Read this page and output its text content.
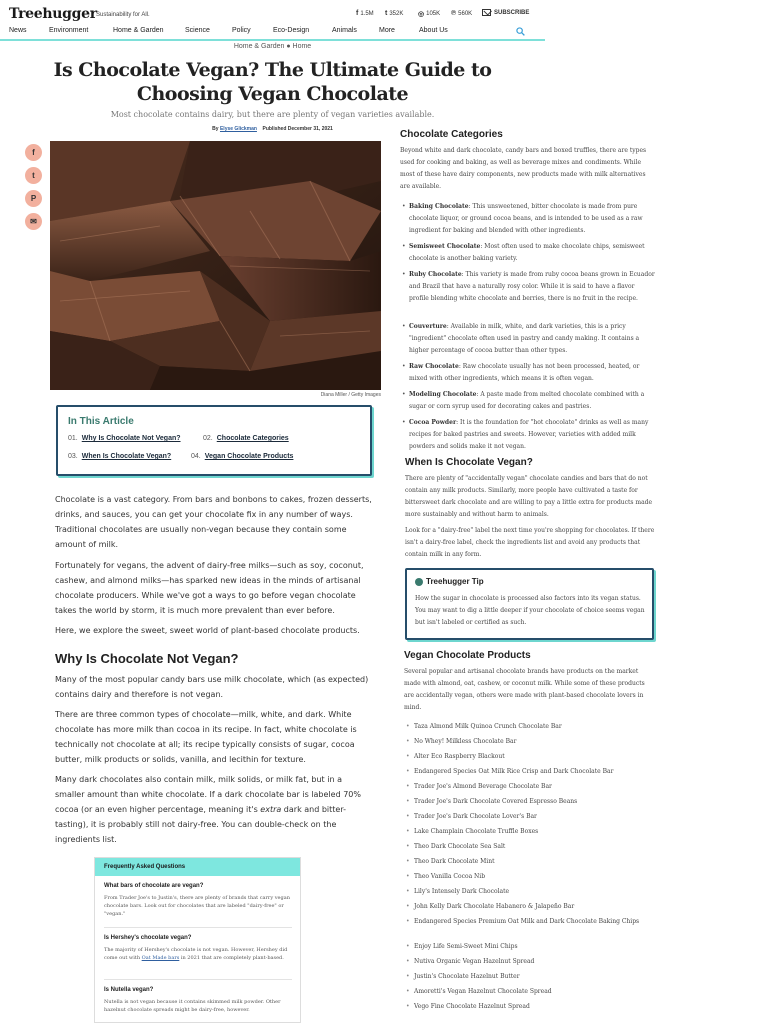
Treehugger Sustainability for All.	f 1.5M t 352K ◎ 105K ℗ 560K	SUBSCRIBE
News	Environment	Home & Garden	Science	Policy	Eco-Design	Animals	More	About Us
Home & Garden ● Home
Is Chocolate Vegan? The Ultimate Guide to Choosing Vegan Chocolate
Most chocolate contains dairy, but there are plenty of vegan varieties available.
By Elyse Glickman Published December 31, 2021
f
t
P
✉
Diana Miller / Getty Images
In This Article
01. Why Is Chocolate Not Vegan?	02. Chocolate Categories
03. When Is Chocolate Vegan?	04. Vegan Chocolate Products

Chocolate is a vast category. From bars and bonbons to cakes, frozen desserts, drinks, and sauces, you can get your chocolate fix in any number of ways. Traditional chocolates are usually non-vegan because they contain some amount of milk.

Fortunately for vegans, the advent of dairy-free milks—such as soy, coconut, cashew, and almond milks—has sparked new ideas in the minds of artisanal chocolate producers. While we've got a ways to go before vegan chocolate takes the world by storm, it is much more prevalent than ever before.

Here, we explore the sweet, sweet world of plant-based chocolate products.

Why Is Chocolate Not Vegan?

Many of the most popular candy bars use milk chocolate, which (as expected) contains dairy and therefore is not vegan.

There are three common types of chocolate—milk, white, and dark. White chocolate has more milk than cocoa in its recipe. In fact, white chocolate is technically not chocolate at all; its recipe typically consists of sugar, cocoa butter, milk products or solids, vanilla, and lecithin for texture.

Many dark chocolates also contain milk, milk solids, or milk fat, but in a smaller amount than white chocolate. If a dark chocolate bar is labeled 70% cocoa (or an even higher percentage, meaning it's extra dark and bitter-tasting), it is probably still not dairy-free. You can double-check on the ingredients list.

Frequently Asked Questions
What bars of chocolate are vegan?
From Trader Joe's to Justin's, there are plenty of brands that carry vegan chocolate bars. Look out for chocolates that are labeled "dairy-free" or "vegan."
Is Hershey's chocolate vegan?
The majority of Hershey's chocolate is not vegan. However, Hershey did come out with Oat Made bars in 2021 that are completely plant-based.
Is Nutella vegan?
Nutella is not vegan because it contains skimmed milk powder. Other hazelnut chocolate spreads might be dairy-free, however.
Chocolate Categories

Beyond white and dark chocolate, candy bars and boxed truffles, there are types used for cooking and baking, as well as beverage mixes and condiments. While most of these have dairy components, new products made with milk alternatives are available.

• Baking Chocolate: This unsweetened, bitter chocolate is made from pure chocolate liquor, or ground cocoa beans, and is intended to be used as a raw ingredient for baking and blended with other ingredients.
• Semisweet Chocolate: Most often used to make chocolate chips, semisweet chocolate is another baking variety.
• Ruby Chocolate: This variety is made from ruby cocoa beans grown in Ecuador and Brazil that have a naturally rosy color. While it is said to have a flavor profile blending white chocolate and berries, there is no fruit in the recipe.
• Couverture: Available in milk, white, and dark varieties, this is a pricy "ingredient" chocolate often used in pastry and candy making. It contains a higher percentage of cocoa butter than other types.
• Raw Chocolate: Raw chocolate usually has not been processed, heated, or mixed with other ingredients, which means it is often vegan.
• Modeling Chocolate: A paste made from melted chocolate combined with a sugar or corn syrup used for decorating cakes and pastries.
• Cocoa Powder: It is the foundation for "hot chocolate" drinks as well as many recipes for baked pastries and sweets. However, varieties with added milk powders and solids make it not vegan.
When Is Chocolate Vegan?

There are plenty of "accidentally vegan" chocolate candies and bars that do not contain any milk products. Similarly, more people have cultivated a taste for bittersweet dark chocolate and are willing to pay a little extra for products made more sustainably and without harm to animals.

Look for a "dairy-free" label the next time you're shopping for chocolates. If there isn't a dairy-free label, check the ingredients list and avoid any products that contain milk in any form.

Treehugger Tip
How the sugar in chocolate is processed also factors into its vegan status. You may want to dig a little deeper if your chocolate of choice seems vegan but isn't labeled or certified as such.
Vegan Chocolate Products

Several popular and artisanal chocolate brands have products on the market made with almond, oat, cashew, or coconut milk. While some of these products are accidentally vegan, others were made with plant-based chocolate lovers in mind.

• Taza Almond Milk Quinoa Crunch Chocolate Bar
• No Whey! Milkless Chocolate Bar
• Alter Eco Raspberry Blackout
• Endangered Species Oat Milk Rice Crisp and Dark Chocolate Bar
• Trader Joe's Almond Beverage Chocolate Bar
• Trader Joe's Dark Chocolate Covered Espresso Beans
• Trader Joe's Dark Chocolate Lover's Bar
• Lake Champlain Chocolate Truffle Boxes
• Theo Dark Chocolate Sea Salt
• Theo Dark Chocolate Mint
• Theo Vanilla Cocoa Nib
• Lily's Intensely Dark Chocolate
• John Kelly Dark Chocolate Habanero & Jalapeño Bar
• Endangered Species Premium Oat Milk and Dark Chocolate Baking Chips
• Enjoy Life Semi-Sweet Mini Chips
• Nutiva Organic Vegan Hazelnut Spread
• Justin's Chocolate Hazelnut Butter
• Amoretti's Vegan Hazelnut Chocolate Spread
• Vego Fine Chocolate Hazelnut Spread
